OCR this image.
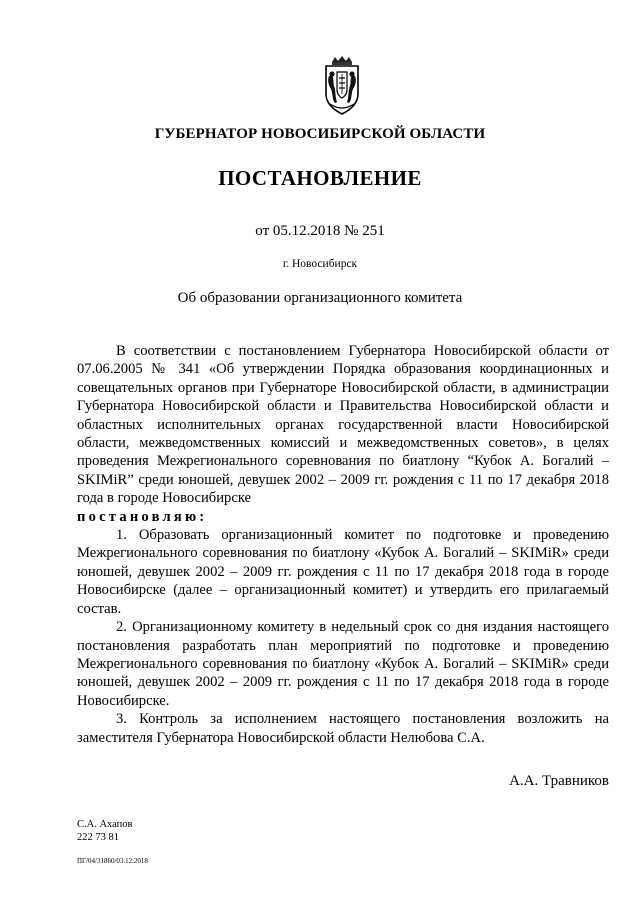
ГУБЕРНАТОР НОВОСИБИРСКОЙ ОБЛАСТИ
ПОСТАНОВЛЕНИЕ
от 05.12.2018 № 251
г. Новосибирск
Об образовании организационного комитета

В соответствии с постановлением Губернатора Новосибирской области от 07.06.2005 № 341 «Об утверждении Порядка образования координационных и совещательных органов при Губернаторе Новосибирской области, в администрации Губернатора Новосибирской области и Правительства Новосибирской области и областных исполнительных органах государственной власти Новосибирской области, межведомственных комиссий и межведомственных советов», в целях проведения Межрегионального соревнования по биатлону “Кубок А. Богалий – SKIMiR” среди юношей, девушек 2002 – 2009 гг. рождения с 11 по 17 декабря 2018 года в городе Новосибирске

постановляю:

1. Образовать организационный комитет по подготовке и проведению Межрегионального соревнования по биатлону «Кубок А. Богалий – SKIMiR» среди юношей, девушек 2002 – 2009 гг. рождения с 11 по 17 декабря 2018 года в городе Новосибирске (далее – организационный комитет) и утвердить его прилагаемый состав.

2. Организационному комитету в недельный срок со дня издания настоящего постановления разработать план мероприятий по подготовке и проведению Межрегионального соревнования по биатлону «Кубок А. Богалий – SKIMiR» среди юношей, девушек 2002 – 2009 гг. рождения с 11 по 17 декабря 2018 года в городе Новосибирске.

3. Контроль за исполнением настоящего постановления возложить на заместителя Губернатора Новосибирской области Нелюбова С.А.

А.А. Травников
С.А. Ахапов
222 73 81
ПГ/04/31860/03.12.2018
